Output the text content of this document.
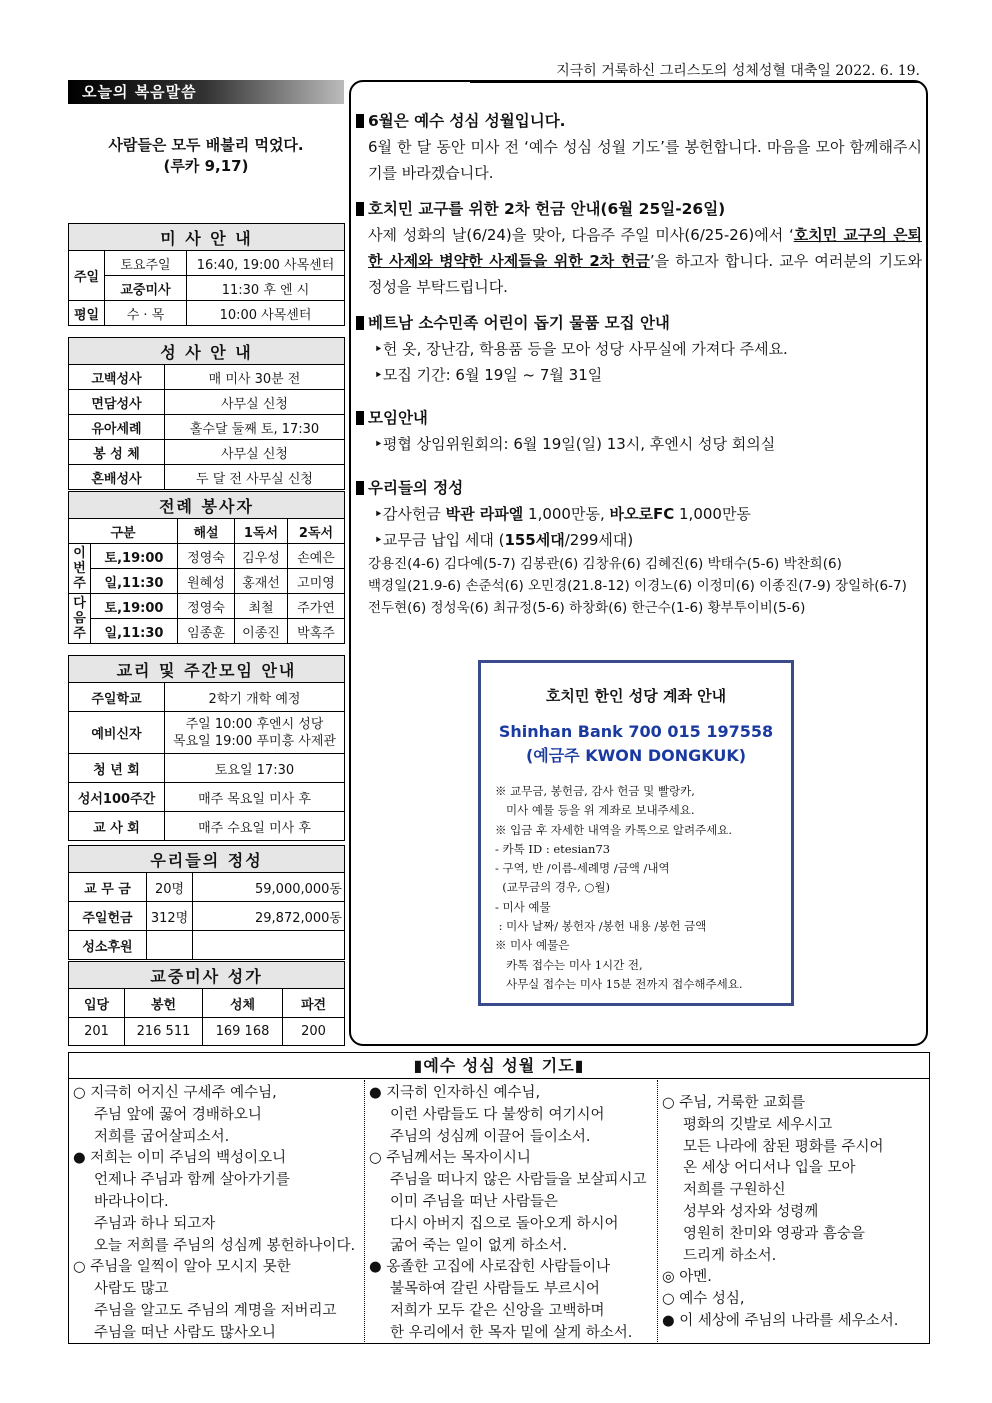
지극히 거룩하신 그리스도의 성체성혈 대축일 2022. 6. 19.
오늘의 복음말씀
사람들은 모두 배불리 먹었다.
(루카 9,17)
미 사 안 내		
주일	토요주일	16:40, 19:00 사목센터
	교중미사	11:30 후 엔 시
평일	수 · 목	10:00 사목센터
성 사 안 내	
고백성사	매 미사 30분 전
면담성사	사무실 신청
유아세례	홀수달 둘째 토, 17:30
봉 성 체	사무실 신청
혼배성사	두 달 전 사무실 신청
전례 봉사자				
구분		해설	1독서	2독서
이번주	토,19:00	정영숙	김우성	손예은
	일,11:30	원혜성	홍재선	고미영
다음주	토,19:00	정영숙	최철	주가연
	일,11:30	임종훈	이종진	박혹주
교리 및 주간모임 안내	
주일학교	2학기 개학 예정
예비신자	주일 10:00 후엔시 성당
목요일 19:00 푸미흥 사제관

청 년 회	토요일 17:30
성서100주간	매주 목요일 미사 후
교 사 회	매주 수요일 미사 후
우리들의 정성		
교 무 금	20명	59,000,000동
주일헌금	312명	29,872,000동
성소후원		
교중미사 성가			
입당	봉헌	성체	파견
201	216 511	169 168	200
6월은 예수 성심 성월입니다.
6월 한 달 동안 미사 전 ‘예수 성심 성월 기도’를 봉헌합니다. 마음을 모아 함께해주시기를 바라겠습니다.
호치민 교구를 위한 2차 헌금 안내(6월 25일-26일)
사제 성화의 날(6/24)을 맞아, 다음주 주일 미사(6/25-26)에서 ‘호치민 교구의 은퇴한 사제와 병약한 사제들을 위한 2차 헌금’을 하고자 합니다. 교우 여러분의 기도와 정성을 부탁드립니다.
베트남 소수민족 어린이 돕기 물품 모집 안내
‣헌 옷, 장난감, 학용품 등을 모아 성당 사무실에 가져다 주세요.
‣모집 기간: 6월 19일 ~ 7월 31일
모임안내
‣평협 상임위원회의: 6월 19일(일) 13시, 후엔시 성당 회의실
우리들의 정성
‣감사헌금 박관 라파엘 1,000만동, 바오로FC 1,000만동
‣교무금 납입 세대 (155세대/299세대)
강용진(4-6) 김다예(5-7) 김봉관(6) 김창유(6) 김혜진(6) 박태수(5-6) 박찬희(6)
백경일(21.9-6) 손준석(6) 오민경(21.8-12) 이경노(6) 이정미(6) 이종진(7-9) 장일하(6-7)
전두현(6) 정성욱(6) 최규정(5-6) 하창화(6) 한근수(1-6) 황부투이비(5-6)
호치민 한인 성당 계좌 안내
Shinhan Bank 700 015 197558
(예금주 KWON DONGKUK)
※ 교무금, 봉헌금, 감사 헌금 및 빨랑카,
미사 예물 등을 위 계좌로 보내주세요.
※ 입금 후 자세한 내역을 카톡으로 알려주세요.
- 카톡 ID : etesian73
- 구역, 반 /이름-세례명 /금액 /내역
(교무금의 경우, ○월)
- 미사 예물
: 미사 날짜/ 봉헌자 /봉헌 내용 /봉헌 금액
※ 미사 예물은
카톡 접수는 미사 1시간 전,
사무실 접수는 미사 15분 전까지 접수해주세요.
▮예수 성심 성월 기도▮
○ 지극히 어지신 구세주 예수님,
주님 앞에 꿇어 경배하오니
저희를 굽어살피소서.
● 저희는 이미 주님의 백성이오니
언제나 주님과 함께 살아가기를
바라나이다.
주님과 하나 되고자
오늘 저희를 주님의 성심께 봉헌하나이다.
○ 주님을 일찍이 알아 모시지 못한
사람도 많고
주님을 알고도 주님의 계명을 저버리고
주님을 떠난 사람도 많사오니
● 지극히 인자하신 예수님,
이런 사람들도 다 불쌍히 여기시어
주님의 성심께 이끌어 들이소서.
○ 주님께서는 목자이시니
주님을 떠나지 않은 사람들을 보살피시고
이미 주님을 떠난 사람들은
다시 아버지 집으로 돌아오게 하시어
굶어 죽는 일이 없게 하소서.
● 옹졸한 고집에 사로잡힌 사람들이나
불목하여 갈린 사람들도 부르시어
저희가 모두 같은 신앙을 고백하며
한 우리에서 한 목자 밑에 살게 하소서.
○ 주님, 거룩한 교회를
평화의 깃발로 세우시고
모든 나라에 참된 평화를 주시어
온 세상 어디서나 입을 모아
저희를 구원하신
성부와 성자와 성령께
영원히 찬미와 영광과 흠숭을
드리게 하소서.
◎ 아멘.
○ 예수 성심,
● 이 세상에 주님의 나라를 세우소서.
